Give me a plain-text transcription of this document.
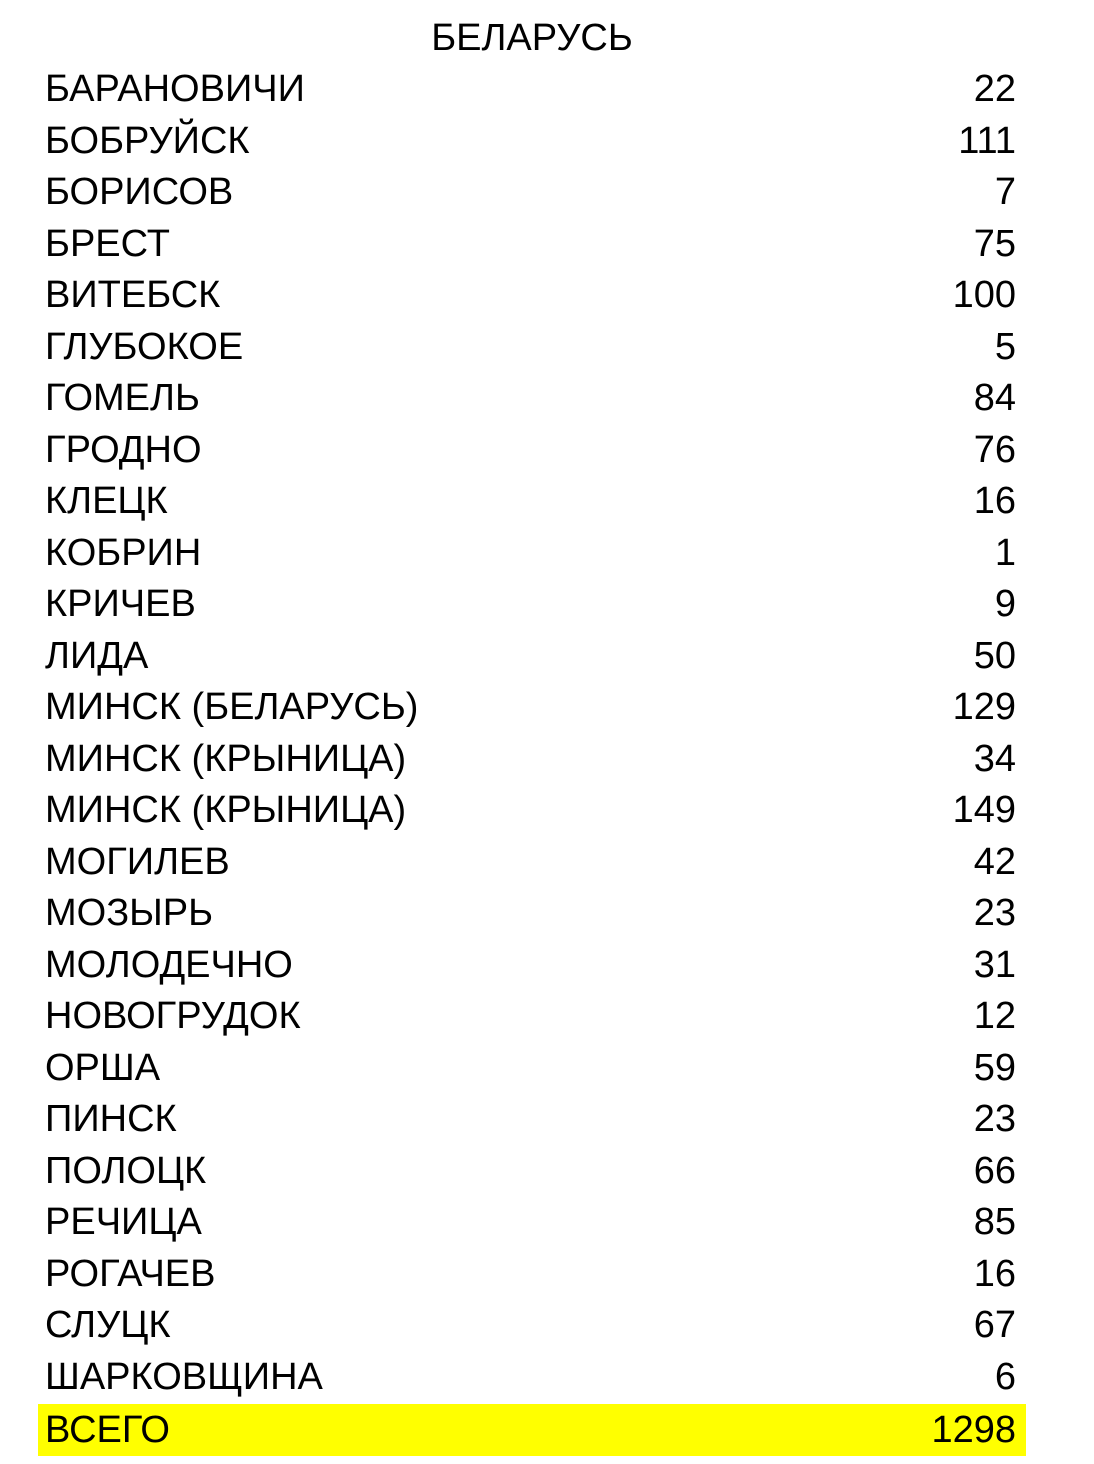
БЕЛАРУСЬ
БАРАНОВИЧИ	22
БОБРУЙСК	111
БОРИСОВ	7
БРЕСТ	75
ВИТЕБСК	100
ГЛУБОКОЕ	5
ГОМЕЛЬ	84
ГРОДНО	76
КЛЕЦК	16
КОБРИН	1
КРИЧЕВ	9
ЛИДА	50
МИНСК (БЕЛАРУСЬ)	129
МИНСК (КРЫНИЦА)	34
МИНСК (КРЫНИЦА)	149
МОГИЛЕВ	42
МОЗЫРЬ	23
МОЛОДЕЧНО	31
НОВОГРУДОК	12
ОРША	59
ПИНСК	23
ПОЛОЦК	66
РЕЧИЦА	85
РОГАЧЕВ	16
СЛУЦК	67
ШАРКОВЩИНА	6
ВСЕГО	1298
